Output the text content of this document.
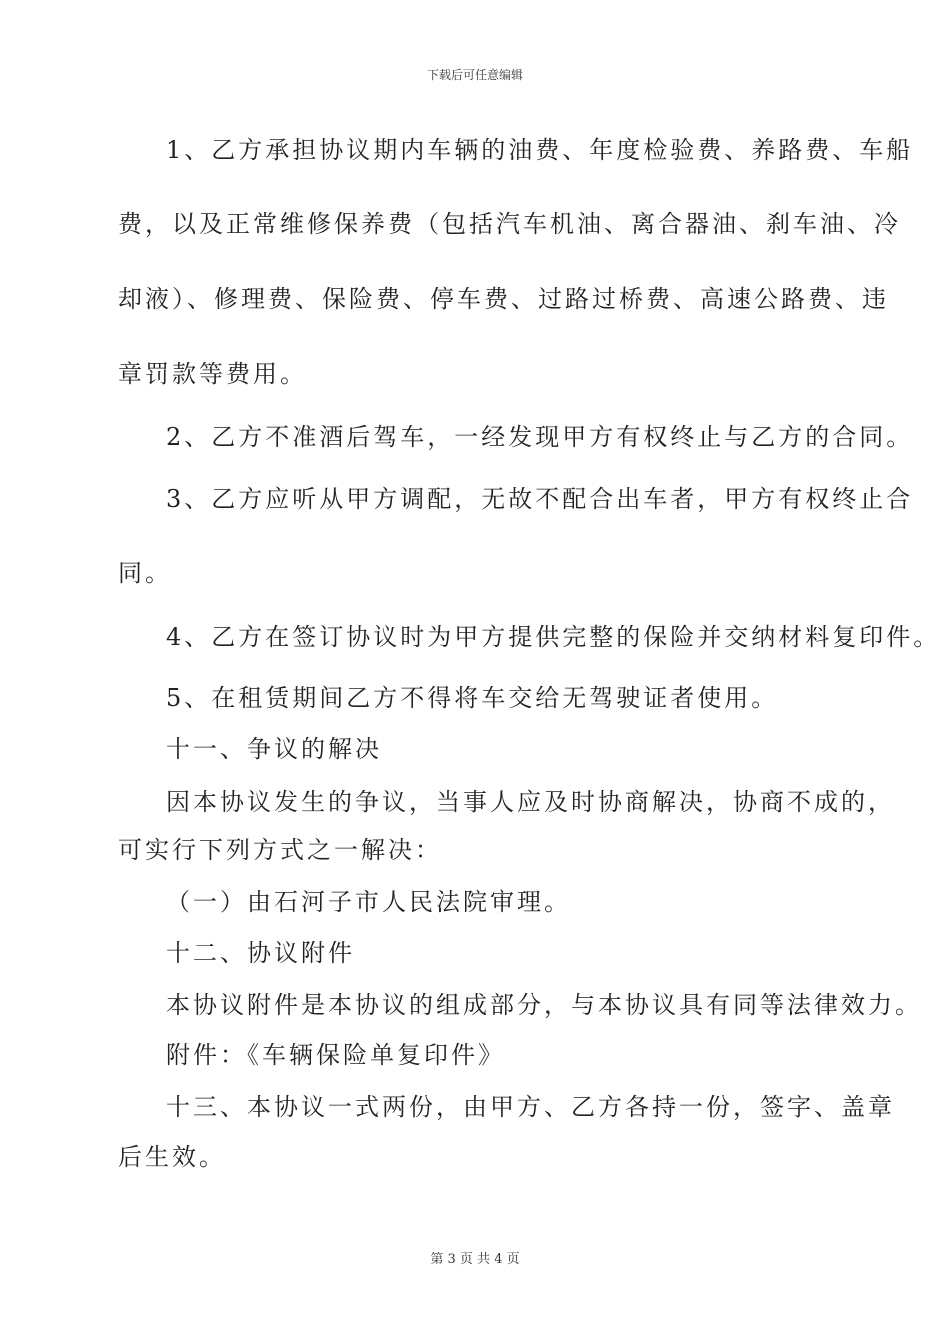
下载后可任意编辑
1、乙方承担协议期内车辆的油费、年度检验费、养路费、车船
费，以及正常维修保养费（包括汽车机油、离合器油、刹车油、冷
却液）、修理费、保险费、停车费、过路过桥费、高速公路费、违
章罚款等费用。
2、乙方不准酒后驾车，一经发现甲方有权终止与乙方的合同。
3、乙方应听从甲方调配，无故不配合出车者，甲方有权终止合
同。
4、乙方在签订协议时为甲方提供完整的保险并交纳材料复印件。
5、在租赁期间乙方不得将车交给无驾驶证者使用。
十一、争议的解决
因本协议发生的争议，当事人应及时协商解决，协商不成的，
可实行下列方式之一解决：
（一）由石河子市人民法院审理。
十二、协议附件
本协议附件是本协议的组成部分，与本协议具有同等法律效力。
附件：《车辆保险单复印件》
十三、本协议一式两份，由甲方、乙方各持一份，签字、盖章
后生效。
第 3 页 共 4 页
